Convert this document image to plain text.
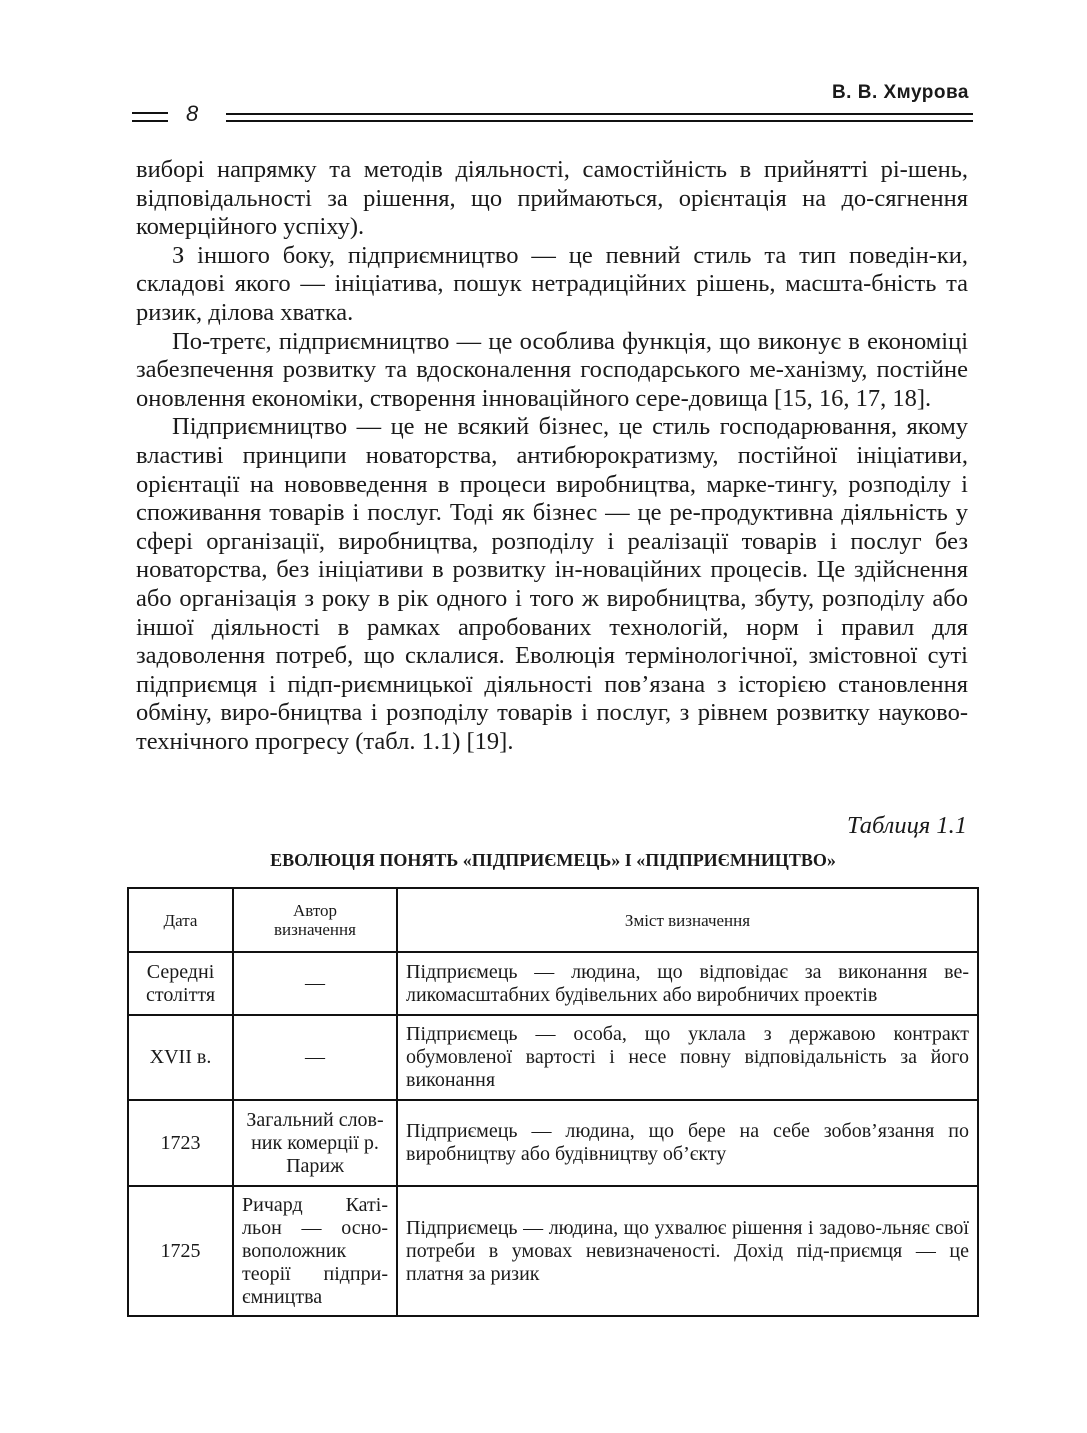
В. В. Хмурова
8

виборі напрямку та методів діяльності, самостійність в прийнятті рі-шень, відповідальності за рішення, що приймаються, орієнтація на до-сягнення комерційного успіху).

З іншого боку, підприємництво — це певний стиль та тип поведін-ки, складові якого — ініціатива, пошук нетрадиційних рішень, масшта-бність та ризик, ділова хватка.

По-третє, підприємництво — це особлива функція, що виконує в економіці забезпечення розвитку та вдосконалення господарського ме-ханізму, постійне оновлення економіки, створення інноваційного сере-довища [15, 16, 17, 18].

Підприємництво — це не всякий бізнес, це стиль господарювання, якому властиві принципи новаторства, антибюрократизму, постійної ініціативи, орієнтації на нововведення в процеси виробництва, марке-тингу, розподілу і споживання товарів і послуг. Тоді як бізнес — це ре-продуктивна діяльність у сфері організації, виробництва, розподілу і реалізації товарів і послуг без новаторства, без ініціативи в розвитку ін-новаційних процесів. Це здійснення або організація з року в рік одного і того ж виробництва, збуту, розподілу або іншої діяльності в рамках апробованих технологій, норм і правил для задоволення потреб, що склалися. Еволюція термінологічної, змістовної суті підприємця і підп-риємницької діяльності пов’язана з історією становлення обміну, виро-бництва і розподілу товарів і послуг, з рівнем розвитку науково-технічного прогресу (табл. 1.1) [19].

Таблиця 1.1
ЕВОЛЮЦІЯ ПОНЯТЬ «ПІДПРИЄМЕЦЬ» І «ПІДПРИЄМНИЦТВО»
Дата	Автор визначення	Зміст визначення
Середні століття	—	Підприємець — людина, що відповідає за виконання ве-ликомасштабних будівельних або виробничих проектів
XVII в.	—	Підприємець — особа, що уклала з державою контракт обумовленої вартості і несе повну відповідальність за його виконання
1723	Загальний слов-ник комерції р. Париж	Підприємець — людина, що бере на себе зобов’язання по виробництву або будівництву об’єкту
1725	Ричард Каті-льон — осно-воположник теорії підпри-ємництва	Підприємець — людина, що ухвалює рішення і задово-льняє свої потреби в умовах невизначеності. Дохід під-приємця — це платня за ризик
